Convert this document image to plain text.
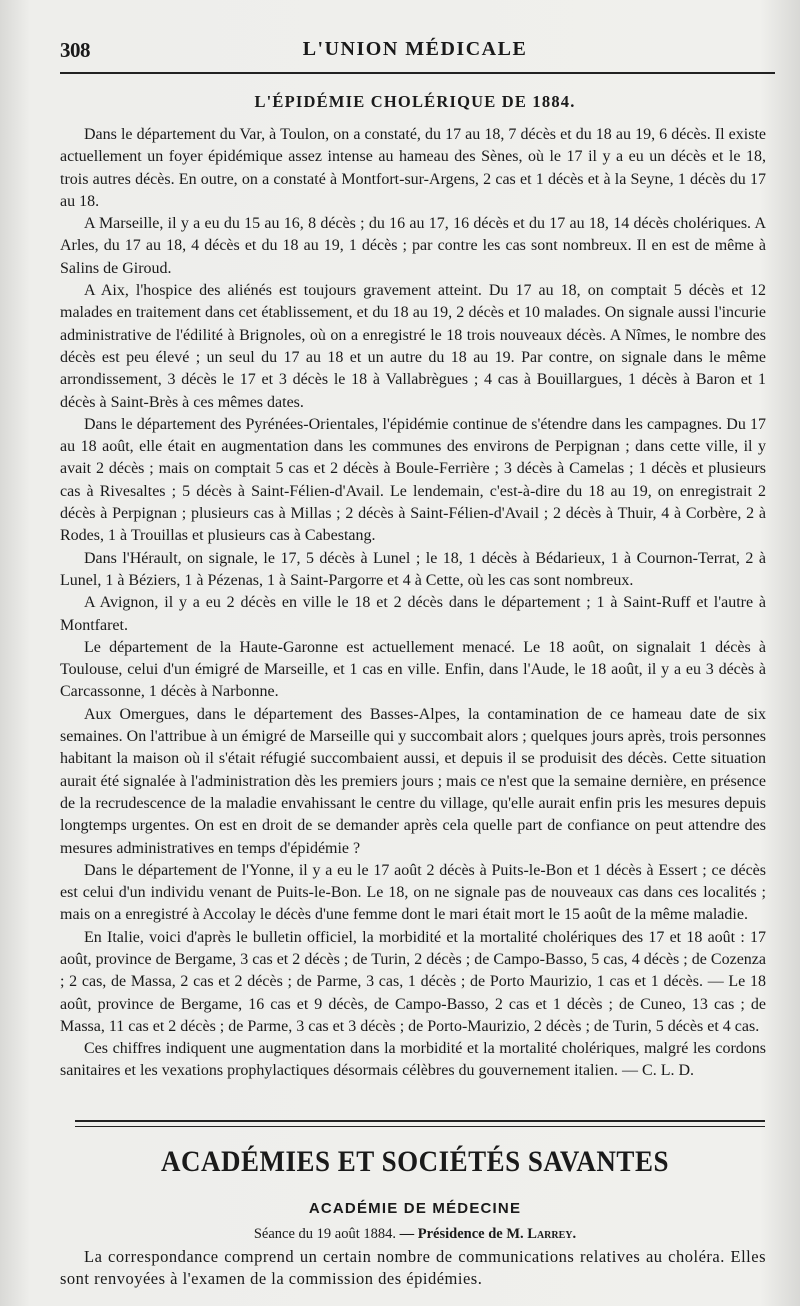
308	L'UNION MÉDICALE
L'ÉPIDÉMIE CHOLÉRIQUE DE 1884.

Dans le département du Var, à Toulon, on a constaté, du 17 au 18, 7 décès et du 18 au 19, 6 décès. Il existe actuellement un foyer épidémique assez intense au hameau des Sènes, où le 17 il y a eu un décès et le 18, trois autres décès. En outre, on a constaté à Montfort-sur-Argens, 2 cas et 1 décès et à la Seyne, 1 décès du 17 au 18.

A Marseille, il y a eu du 15 au 16, 8 décès ; du 16 au 17, 16 décès et du 17 au 18, 14 décès cholériques. A Arles, du 17 au 18, 4 décès et du 18 au 19, 1 décès ; par contre les cas sont nombreux. Il en est de même à Salins de Giroud.

A Aix, l'hospice des aliénés est toujours gravement atteint. Du 17 au 18, on comptait 5 décès et 12 malades en traitement dans cet établissement, et du 18 au 19, 2 décès et 10 malades. On signale aussi l'incurie administrative de l'édilité à Brignoles, où on a enregistré le 18 trois nouveaux décès. A Nîmes, le nombre des décès est peu élevé ; un seul du 17 au 18 et un autre du 18 au 19. Par contre, on signale dans le même arrondissement, 3 décès le 17 et 3 décès le 18 à Vallabrègues ; 4 cas à Bouillargues, 1 décès à Baron et 1 décès à Saint-Brès à ces mêmes dates.

Dans le département des Pyrénées-Orientales, l'épidémie continue de s'étendre dans les campagnes. Du 17 au 18 août, elle était en augmentation dans les communes des environs de Perpignan ; dans cette ville, il y avait 2 décès ; mais on comptait 5 cas et 2 décès à Boule-Ferrière ; 3 décès à Camelas ; 1 décès et plusieurs cas à Rivesaltes ; 5 décès à Saint-Félien-d'Avail. Le lendemain, c'est-à-dire du 18 au 19, on enregistrait 2 décès à Perpignan ; plusieurs cas à Millas ; 2 décès à Saint-Félien-d'Avail ; 2 décès à Thuir, 4 à Corbère, 2 à Rodes, 1 à Trouillas et plusieurs cas à Cabestang.

Dans l'Hérault, on signale, le 17, 5 décès à Lunel ; le 18, 1 décès à Bédarieux, 1 à Cournon-Terrat, 2 à Lunel, 1 à Béziers, 1 à Pézenas, 1 à Saint-Pargorre et 4 à Cette, où les cas sont nombreux.

A Avignon, il y a eu 2 décès en ville le 18 et 2 décès dans le département ; 1 à Saint-Ruff et l'autre à Montfaret.

Le département de la Haute-Garonne est actuellement menacé. Le 18 août, on signalait 1 décès à Toulouse, celui d'un émigré de Marseille, et 1 cas en ville. Enfin, dans l'Aude, le 18 août, il y a eu 3 décès à Carcassonne, 1 décès à Narbonne.

Aux Omergues, dans le département des Basses-Alpes, la contamination de ce hameau date de six semaines. On l'attribue à un émigré de Marseille qui y succombait alors ; quelques jours après, trois personnes habitant la maison où il s'était réfugié succombaient aussi, et depuis il se produisit des décès. Cette situation aurait été signalée à l'administration dès les premiers jours ; mais ce n'est que la semaine dernière, en présence de la recrudescence de la maladie envahissant le centre du village, qu'elle aurait enfin pris les mesures depuis longtemps urgentes. On est en droit de se demander après cela quelle part de confiance on peut attendre des mesures administratives en temps d'épidémie ?

Dans le département de l'Yonne, il y a eu le 17 août 2 décès à Puits-le-Bon et 1 décès à Essert ; ce décès est celui d'un individu venant de Puits-le-Bon. Le 18, on ne signale pas de nouveaux cas dans ces localités ; mais on a enregistré à Accolay le décès d'une femme dont le mari était mort le 15 août de la même maladie.

En Italie, voici d'après le bulletin officiel, la morbidité et la mortalité cholériques des 17 et 18 août : 17 août, province de Bergame, 3 cas et 2 décès ; de Turin, 2 décès ; de Campo-Basso, 5 cas, 4 décès ; de Cozenza ; 2 cas, de Massa, 2 cas et 2 décès ; de Parme, 3 cas, 1 décès ; de Porto Maurizio, 1 cas et 1 décès. — Le 18 août, province de Bergame, 16 cas et 9 décès, de Campo-Basso, 2 cas et 1 décès ; de Cuneo, 13 cas ; de Massa, 11 cas et 2 décès ; de Parme, 3 cas et 3 décès ; de Porto-Maurizio, 2 décès ; de Turin, 5 décès et 4 cas.

Ces chiffres indiquent une augmentation dans la morbidité et la mortalité cholériques, malgré les cordons sanitaires et les vexations prophylactiques désormais célèbres du gouvernement italien. — C. L. D.

ACADÉMIES ET SOCIÉTÉS SAVANTES
ACADÉMIE DE MÉDECINE
Séance du 19 août 1884. — Présidence de M. Larrey.

La correspondance comprend un certain nombre de communications relatives au choléra. Elles sont renvoyées à l'examen de la commission des épidémies.
